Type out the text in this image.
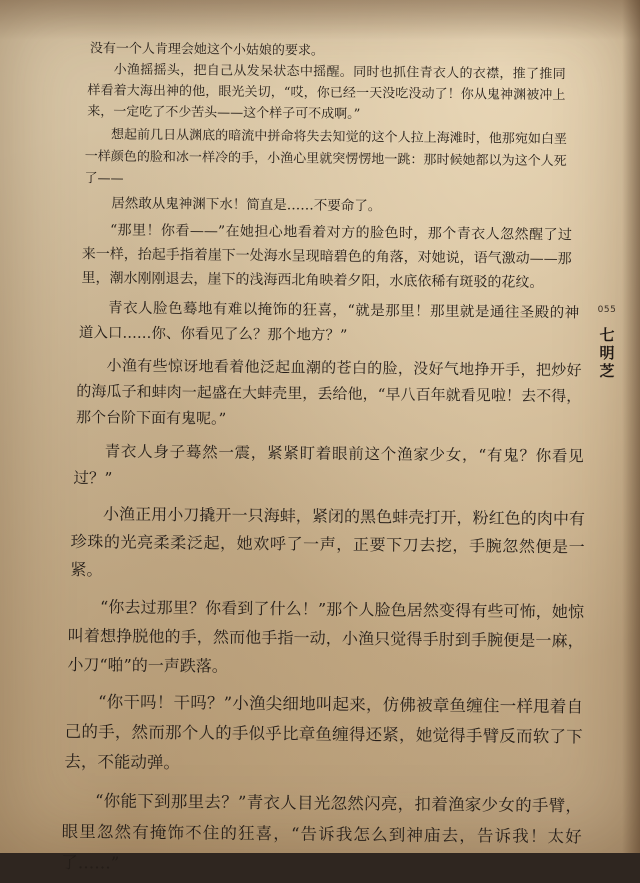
没有一个人肯理会她这个小姑娘的要求。

小渔摇摇头，把自己从发呆状态中摇醒。同时也抓住青衣人的衣襟，推了推同样看着大海出神的他，眼光关切，“哎，你已经一天没吃没动了！你从鬼神渊被冲上来，一定吃了不少苦头——这个样子可不成啊。”

想起前几日从渊底的暗流中拼命将失去知觉的这个人拉上海滩时，他那宛如白垩一样颜色的脸和冰一样冷的手，小渔心里就突愣愣地一跳：那时候她都以为这个人死了——

居然敢从鬼神渊下水！简直是……不要命了。

“那里！你看——”在她担心地看着对方的脸色时，那个青衣人忽然醒了过来一样，抬起手指着崖下一处海水呈现暗碧色的角落，对她说，语气激动——那里，潮水刚刚退去，崖下的浅海西北角映着夕阳，水底依稀有斑驳的花纹。

青衣人脸色蓦地有难以掩饰的狂喜，“就是那里！那里就是通往圣殿的神道入口……你、你看见了么？那个地方？”

小渔有些惊讶地看着他泛起血潮的苍白的脸，没好气地挣开手，把炒好的海瓜子和蚌肉一起盛在大蚌壳里，丢给他，“早八百年就看见啦！去不得，那个台阶下面有鬼呢。”

青衣人身子蓦然一震，紧紧盯着眼前这个渔家少女，“有鬼？你看见过？”

小渔正用小刀撬开一只海蚌，紧闭的黑色蚌壳打开，粉红色的肉中有珍珠的光亮柔柔泛起，她欢呼了一声，正要下刀去挖，手腕忽然便是一紧。

“你去过那里？你看到了什么！”那个人脸色居然变得有些可怖，她惊叫着想挣脱他的手，然而他手指一动，小渔只觉得手肘到手腕便是一麻，小刀“啪”的一声跌落。

“你干吗！干吗？”小渔尖细地叫起来，仿佛被章鱼缠住一样甩着自己的手，然而那个人的手似乎比章鱼缠得还紧，她觉得手臂反而软了下去，不能动弹。

“你能下到那里去？”青衣人目光忽然闪亮，扣着渔家少女的手臂，眼里忽然有掩饰不住的狂喜，“告诉我怎么到神庙去，告诉我！太好了……”

055
七明芝
